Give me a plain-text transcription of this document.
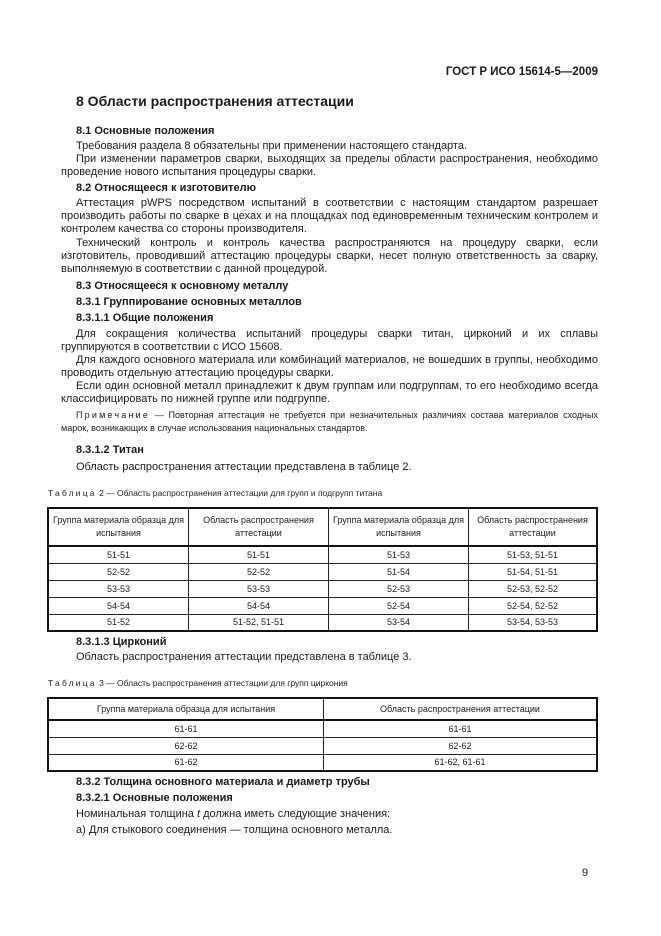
ГОСТ Р ИСО 15614-5—2009
8 Области распространения аттестации
8.1 Основные положения
Требования раздела 8 обязательны при применении настоящего стандарта.
При изменении параметров сварки, выходящих за пределы области распространения, необходимо проведение нового испытания процедуры сварки.
8.2 Относящееся к изготовителю
Аттестация pWPS посредством испытаний в соответствии с настоящим стандартом разрешает производить работы по сварке в цехах и на площадках под единовременным техническим контролем и контролем качества со стороны производителя.
Технический контроль и контроль качества распространяются на процедуру сварки, если изготовитель, проводивший аттестацию процедуры сварки, несет полную ответственность за сварку, выполняемую в соответствии с данной процедурой.
8.3 Относящееся к основному металлу
8.3.1 Группирование основных металлов
8.3.1.1 Общие положения
Для сокращения количества испытаний процедуры сварки титан, цирконий и их сплавы группируются в соответствии с ИСО 15608.
Для каждого основного материала или комбинаций материалов, не вошедших в группы, необходимо проводить отдельную аттестацию процедуры сварки.
Если один основной металл принадлежит к двум группам или подгруппам, то его необходимо всегда классифицировать по нижней группе или подгруппе.
Примечание — Повторная аттестация не требуется при незначительных различиях состава материалов сходных марок, возникающих в случае использования национальных стандартов.
8.3.1.2 Титан
Область распространения аттестации представлена в таблице 2.
Таблица 2 — Область распространения аттестации для групп и подгрупп титана
Группа материала образца для испытания	Область распространения аттестации	Группа материала образца для испытания	Область распространения аттестации
51-51	51-51	51-53	51-53, 51-51
52-52	52-52	51-54	51-54, 51-51
53-53	53-53	52-53	52-53, 52-52
54-54	54-54	52-54	52-54, 52-52
51-52	51-52, 51-51	53-54	53-54, 53-53
8.3.1.3 Цирконий
Область распространения аттестации представлена в таблице 3.
Таблица 3 — Область распространения аттестации для групп циркония
Группа материала образца для испытания	Область распространения аттестации
61-61	61-61
62-62	62-62
61-62	61-62, 61-61
8.3.2 Толщина основного материала и диаметр трубы
8.3.2.1 Основные положения
Номинальная толщина t должна иметь следующие значения:
а) Для стыкового соединения — толщина основного металла.
9
